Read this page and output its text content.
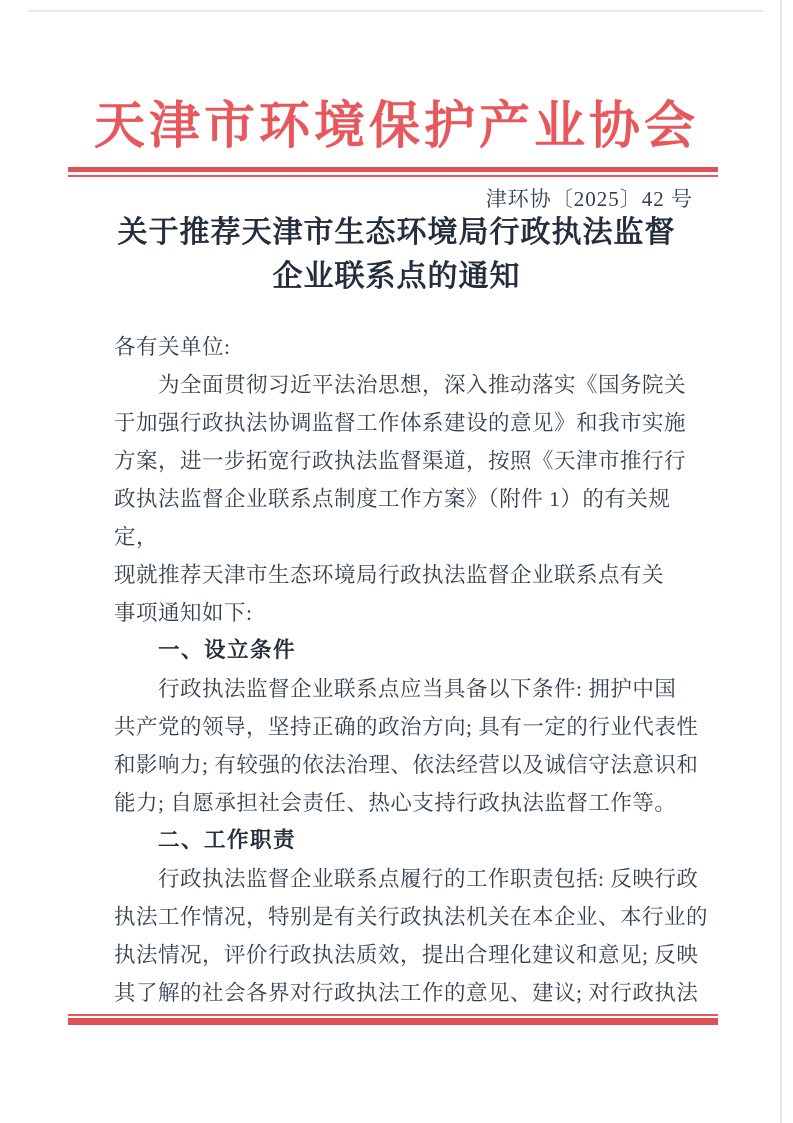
天津市环境保护产业协会
津环协〔2025〕42 号
关于推荐天津市生态环境局行政执法监督
企业联系点的通知
各有关单位:
为全面贯彻习近平法治思想，深入推动落实《国务院关
于加强行政执法协调监督工作体系建设的意见》和我市实施
方案，进一步拓宽行政执法监督渠道，按照《天津市推行行
政执法监督企业联系点制度工作方案》（附件 1）的有关规
定，
现就推荐天津市生态环境局行政执法监督企业联系点有关
事项通知如下:
一、设立条件
行政执法监督企业联系点应当具备以下条件: 拥护中国
共产党的领导，坚持正确的政治方向; 具有一定的行业代表性
和影响力; 有较强的依法治理、依法经营以及诚信守法意识和
能力; 自愿承担社会责任、热心支持行政执法监督工作等。
二、工作职责
行政执法监督企业联系点履行的工作职责包括: 反映行政
执法工作情况，特别是有关行政执法机关在本企业、本行业的
执法情况，评价行政执法质效，提出合理化建议和意见; 反映
其了解的社会各界对行政执法工作的意见、建议; 对行政执法
